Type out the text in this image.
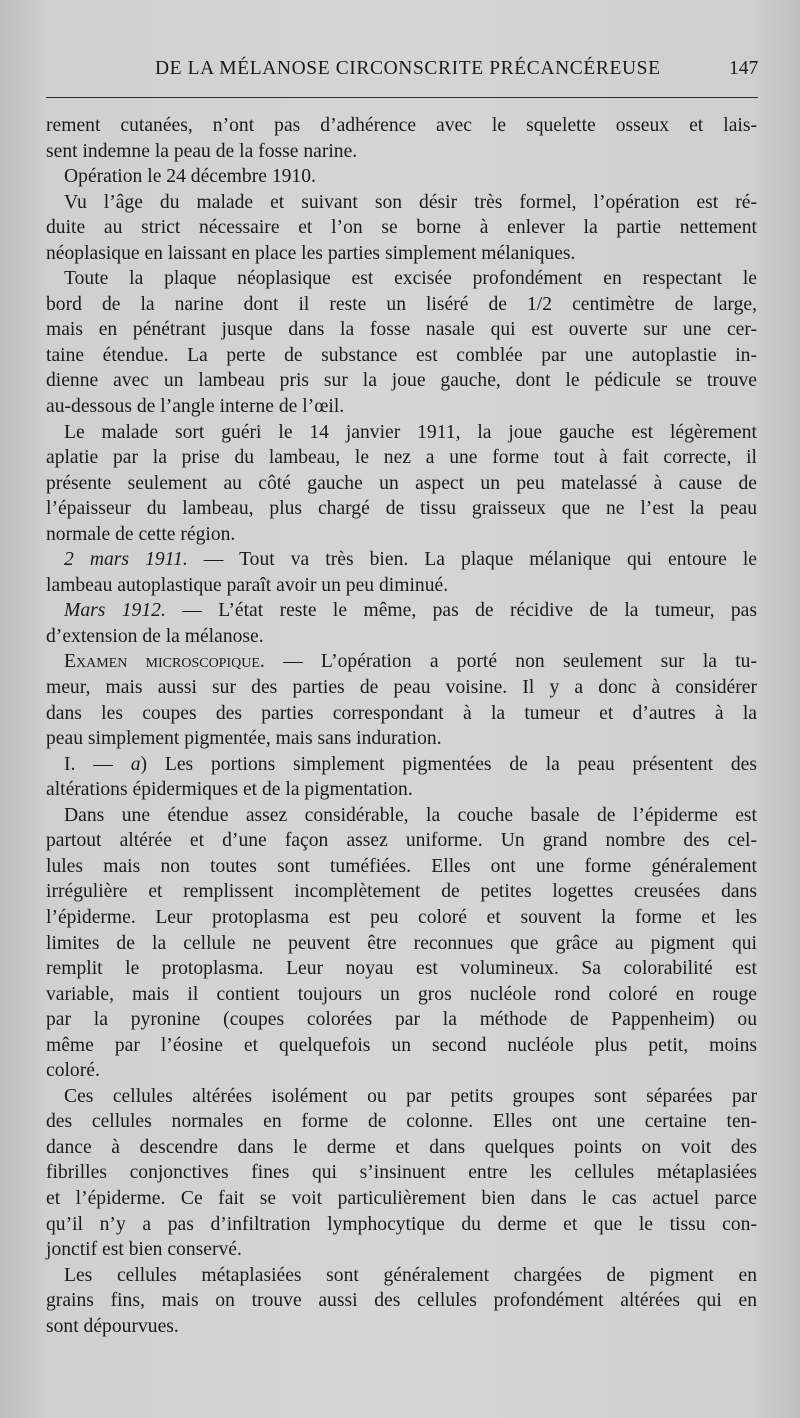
DE LA MÉLANOSE CIRCONSCRITE PRÉCANCÉREUSE	147
rement cutanées, n’ont pas d’adhérence avec le squelette osseux et lais-
sent indemne la peau de la fosse narine.
Opération le 24 décembre 1910.
Vu l’âge du malade et suivant son désir très formel, l’opération est ré-
duite au strict nécessaire et l’on se borne à enlever la partie nettement
néoplasique en laissant en place les parties simplement mélaniques.
Toute la plaque néoplasique est excisée profondément en respectant le
bord de la narine dont il reste un liséré de 1/2 centimètre de large,
mais en pénétrant jusque dans la fosse nasale qui est ouverte sur une cer-
taine étendue. La perte de substance est comblée par une autoplastie in-
dienne avec un lambeau pris sur la joue gauche, dont le pédicule se trouve
au-dessous de l’angle interne de l’œil.
Le malade sort guéri le 14 janvier 1911, la joue gauche est légèrement
aplatie par la prise du lambeau, le nez a une forme tout à fait correcte, il
présente seulement au côté gauche un aspect un peu matelassé à cause de
l’épaisseur du lambeau, plus chargé de tissu graisseux que ne l’est la peau
normale de cette région.
2 mars 1911. — Tout va très bien. La plaque mélanique qui entoure le
lambeau autoplastique paraît avoir un peu diminué.
Mars 1912. — L’état reste le même, pas de récidive de la tumeur, pas
d’extension de la mélanose.
Examen microscopique. — L’opération a porté non seulement sur la tu-
meur, mais aussi sur des parties de peau voisine. Il y a donc à considérer
dans les coupes des parties correspondant à la tumeur et d’autres à la
peau simplement pigmentée, mais sans induration.
I. — a) Les portions simplement pigmentées de la peau présentent des
altérations épidermiques et de la pigmentation.
Dans une étendue assez considérable, la couche basale de l’épiderme est
partout altérée et d’une façon assez uniforme. Un grand nombre des cel-
lules mais non toutes sont tuméfiées. Elles ont une forme généralement
irrégulière et remplissent incomplètement de petites logettes creusées dans
l’épiderme. Leur protoplasma est peu coloré et souvent la forme et les
limites de la cellule ne peuvent être reconnues que grâce au pigment qui
remplit le protoplasma. Leur noyau est volumineux. Sa colorabilité est
variable, mais il contient toujours un gros nucléole rond coloré en rouge
par la pyronine (coupes colorées par la méthode de Pappenheim) ou
même par l’éosine et quelquefois un second nucléole plus petit, moins
coloré.
Ces cellules altérées isolément ou par petits groupes sont séparées par
des cellules normales en forme de colonne. Elles ont une certaine ten-
dance à descendre dans le derme et dans quelques points on voit des
fibrilles conjonctives fines qui s’insinuent entre les cellules métaplasiées
et l’épiderme. Ce fait se voit particulièrement bien dans le cas actuel parce
qu’il n’y a pas d’infiltration lymphocytique du derme et que le tissu con-
jonctif est bien conservé.
Les cellules métaplasiées sont généralement chargées de pigment en
grains fins, mais on trouve aussi des cellules profondément altérées qui en
sont dépourvues.
